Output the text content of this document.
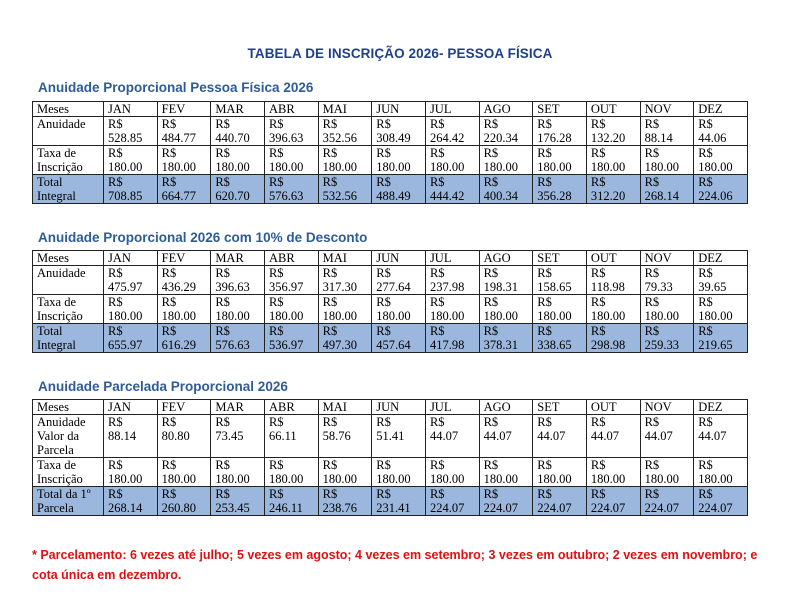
TABELA DE INSCRIÇÃO 2026- PESSOA FÍSICA
Anuidade Proporcional Pessoa Física 2026
Meses	JAN	FEV	MAR	ABR	MAI	JUN	JUL	AGO	SET	OUT	NOV	DEZ
Anuidade	R$ 528.85	R$ 484.77	R$ 440.70	R$ 396.63	R$ 352.56	R$ 308.49	R$ 264.42	R$ 220.34	R$ 176.28	R$ 132.20	R$ 88.14	R$ 44.06
Taxa de Inscrição	R$ 180.00	R$ 180.00	R$ 180.00	R$ 180.00	R$ 180.00	R$ 180.00	R$ 180.00	R$ 180.00	R$ 180.00	R$ 180.00	R$ 180.00	R$ 180.00
Total Integral	R$ 708.85	R$ 664.77	R$ 620.70	R$ 576.63	R$ 532.56	R$ 488.49	R$ 444.42	R$ 400.34	R$ 356.28	R$ 312.20	R$ 268.14	R$ 224.06
Anuidade Proporcional 2026 com 10% de Desconto
Meses	JAN	FEV	MAR	ABR	MAI	JUN	JUL	AGO	SET	OUT	NOV	DEZ
Anuidade	R$ 475.97	R$ 436.29	R$ 396.63	R$ 356.97	R$ 317.30	R$ 277.64	R$ 237.98	R$ 198.31	R$ 158.65	R$ 118.98	R$ 79.33	R$ 39.65
Taxa de Inscrição	R$ 180.00	R$ 180.00	R$ 180.00	R$ 180.00	R$ 180.00	R$ 180.00	R$ 180.00	R$ 180.00	R$ 180.00	R$ 180.00	R$ 180.00	R$ 180.00
Total Integral	R$ 655.97	R$ 616.29	R$ 576.63	R$ 536.97	R$ 497.30	R$ 457.64	R$ 417.98	R$ 378.31	R$ 338.65	R$ 298.98	R$ 259.33	R$ 219.65
Anuidade Parcelada Proporcional 2026
Meses	JAN	FEV	MAR	ABR	MAI	JUN	JUL	AGO	SET	OUT	NOV	DEZ
Anuidade Valor da Parcela	R$ 88.14	R$ 80.80	R$ 73.45	R$ 66.11	R$ 58.76	R$ 51.41	R$ 44.07	R$ 44.07	R$ 44.07	R$ 44.07	R$ 44.07	R$ 44.07
Taxa de Inscrição	R$ 180.00	R$ 180.00	R$ 180.00	R$ 180.00	R$ 180.00	R$ 180.00	R$ 180.00	R$ 180.00	R$ 180.00	R$ 180.00	R$ 180.00	R$ 180.00
Total da 1º Parcela	R$ 268.14	R$ 260.80	R$ 253.45	R$ 246.11	R$ 238.76	R$ 231.41	R$ 224.07	R$ 224.07	R$ 224.07	R$ 224.07	R$ 224.07	R$ 224.07
* Parcelamento: 6 vezes até julho; 5 vezes em agosto; 4 vezes em setembro; 3 vezes em outubro; 2 vezes em novembro; e cota única em dezembro.
